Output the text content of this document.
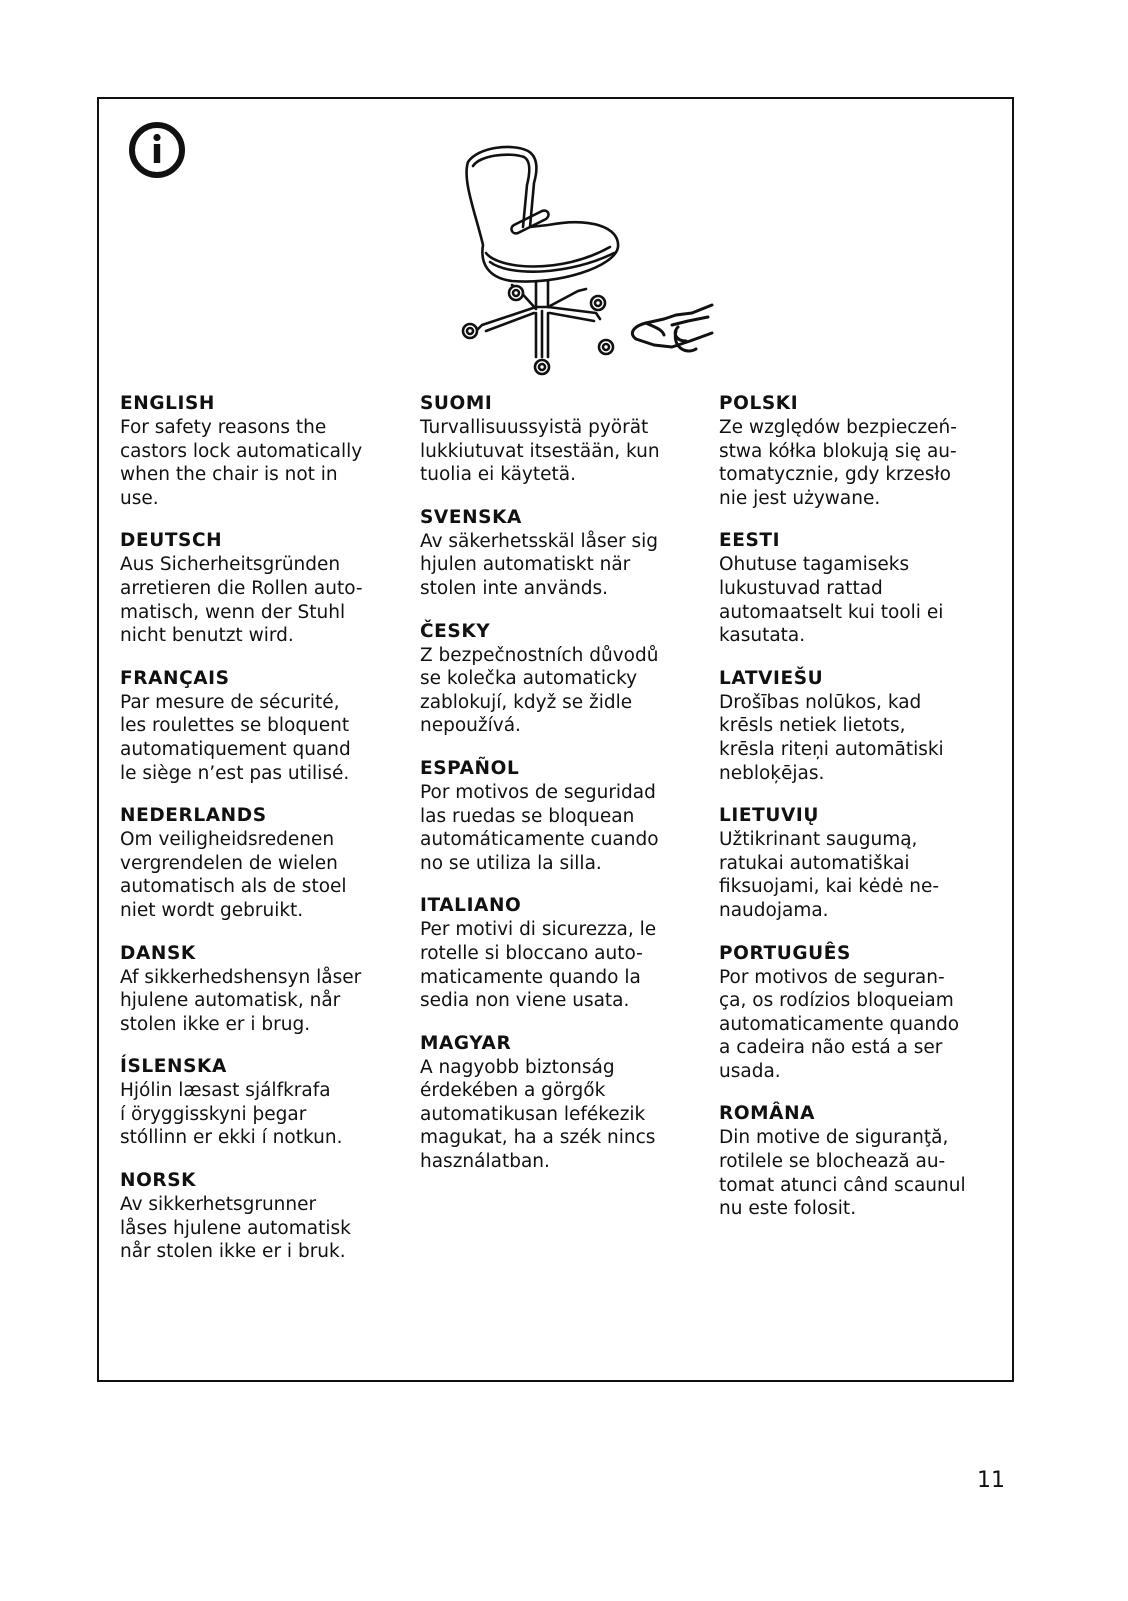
ENGLISH
For safety reasons the
castors lock automatically
when the chair is not in
use.
DEUTSCH
Aus Sicherheitsgründen
arretieren die Rollen auto-
matisch, wenn der Stuhl
nicht benutzt wird.
FRANÇAIS
Par mesure de sécurité,
les roulettes se bloquent
automatiquement quand
le siège n’est pas utilisé.
NEDERLANDS
Om veiligheidsredenen
vergrendelen de wielen
automatisch als de stoel
niet wordt gebruikt.
DANSK
Af sikkerhedshensyn låser
hjulene automatisk, når
stolen ikke er i brug.
ÍSLENSKA
Hjólin læsast sjálfkrafa
í öryggisskyni þegar
stóllinn er ekki í notkun.
NORSK
Av sikkerhetsgrunner
låses hjulene automatisk
når stolen ikke er i bruk.
SUOMI
Turvallisuussyistä pyörät
lukkiutuvat itsestään, kun
tuolia ei käytetä.
SVENSKA
Av säkerhetsskäl låser sig
hjulen automatiskt när
stolen inte används.
ČESKY
Z bezpečnostních důvodů
se kolečka automaticky
zablokují, když se židle
nepoužívá.
ESPAÑOL
Por motivos de seguridad
las ruedas se bloquean
automáticamente cuando
no se utiliza la silla.
ITALIANO
Per motivi di sicurezza, le
rotelle si bloccano auto-
maticamente quando la
sedia non viene usata.
MAGYAR
A nagyobb biztonság
érdekében a görgők
automatikusan lefékezik
magukat, ha a szék nincs
használatban.
POLSKI
Ze względów bezpieczeń-
stwa kółka blokują się au-
tomatycznie, gdy krzesło
nie jest używane.
EESTI
Ohutuse tagamiseks
lukustuvad rattad
automaatselt kui tooli ei
kasutata.
LATVIEŠU
Drošības nolūkos, kad
krēsls netiek lietots,
krēsla riteņi automātiski
nebloķējas.
LIETUVIŲ
Užtikrinant saugumą,
ratukai automatiškai
fiksuojami, kai kėdė ne-
naudojama.
PORTUGUÊS
Por motivos de seguran-
ça, os rodízios bloqueiam
automaticamente quando
a cadeira não está a ser
usada.
ROMÂNA
Din motive de siguranţă,
rotilele se blochează au-
tomat atunci când scaunul
nu este folosit.
11
